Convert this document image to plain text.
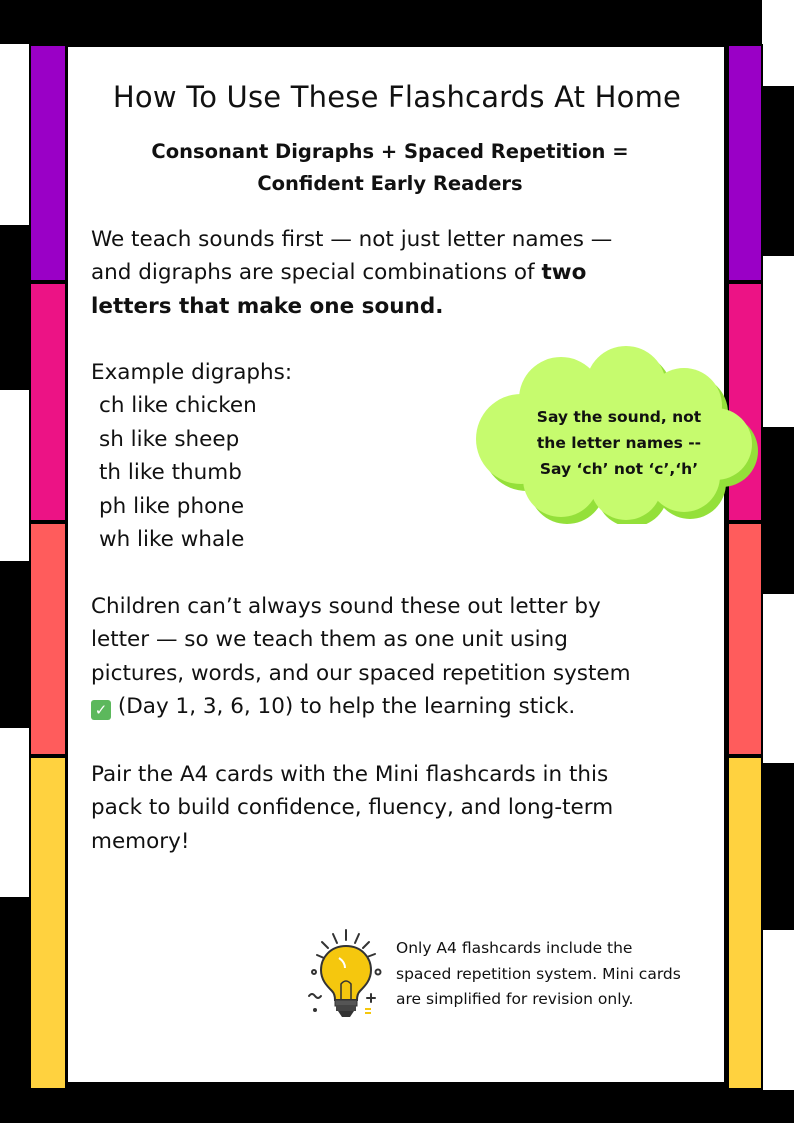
How To Use These Flashcards At Home
Consonant Digraphs + Spaced Repetition =
Confident Early Readers
We teach sounds first — not just letter names —
and digraphs are special combinations of two
letters that make one sound.
Example digraphs:
ch like chicken
sh like sheep
th like thumb
ph like phone
wh like whale
Say the sound, not
the letter names --
Say ‘ch’ not ‘c’,‘h’
Children can’t always sound these out letter by
letter — so we teach them as one unit using
pictures, words, and our spaced repetition system
✓ (Day 1, 3, 6, 10) to help the learning stick.
Pair the A4 cards with the Mini flashcards in this
pack to build confidence, fluency, and long-term
memory!
Only A4 flashcards include the
spaced repetition system. Mini cards
are simplified for revision only.
